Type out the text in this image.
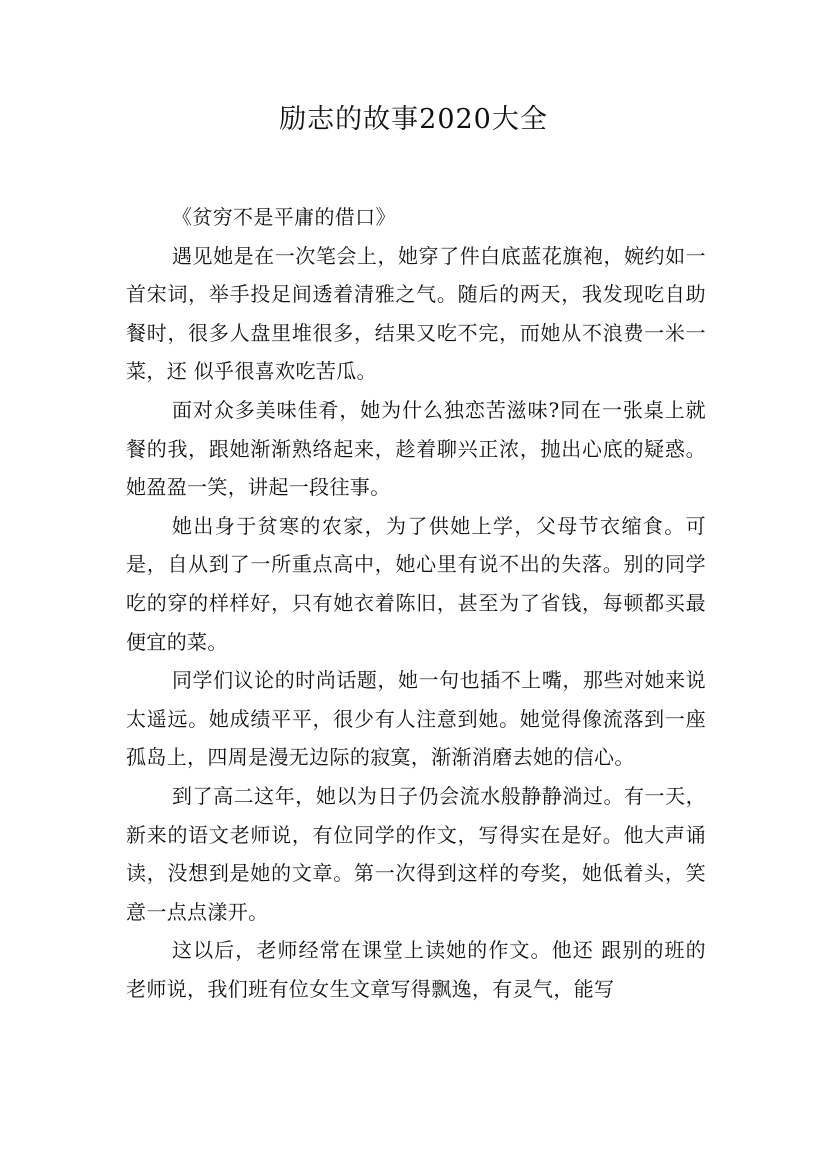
励志的故事2020大全

《贫穷不是平庸的借口》

遇见她是在一次笔会上，她穿了件白底蓝花旗袍，婉约如一首宋词，举手投足间透着清雅之气。随后的两天，我发现吃自助餐时，很多人盘里堆很多，结果又吃不完，而她从不浪费一米一菜，还 似乎很喜欢吃苦瓜。

面对众多美味佳肴，她为什么独恋苦滋味?同在一张桌上就餐的我，跟她渐渐熟络起来，趁着聊兴正浓，抛出心底的疑惑。她盈盈一笑，讲起一段往事。

她出身于贫寒的农家，为了供她上学，父母节衣缩食。可是，自从到了一所重点高中，她心里有说不出的失落。别的同学吃的穿的样样好，只有她衣着陈旧，甚至为了省钱，每顿都买最便宜的菜。

同学们议论的时尚话题，她一句也插不上嘴，那些对她来说太遥远。她成绩平平，很少有人注意到她。她觉得像流落到一座孤岛上，四周是漫无边际的寂寞，渐渐消磨去她的信心。

到了高二这年，她以为日子仍会流水般静静淌过。有一天，新来的语文老师说，有位同学的作文，写得实在是好。他大声诵读，没想到是她的文章。第一次得到这样的夸奖，她低着头，笑意一点点漾开。

这以后，老师经常在课堂上读她的作文。他还 跟别的班的老师说，我们班有位女生文章写得飘逸，有灵气，能写
